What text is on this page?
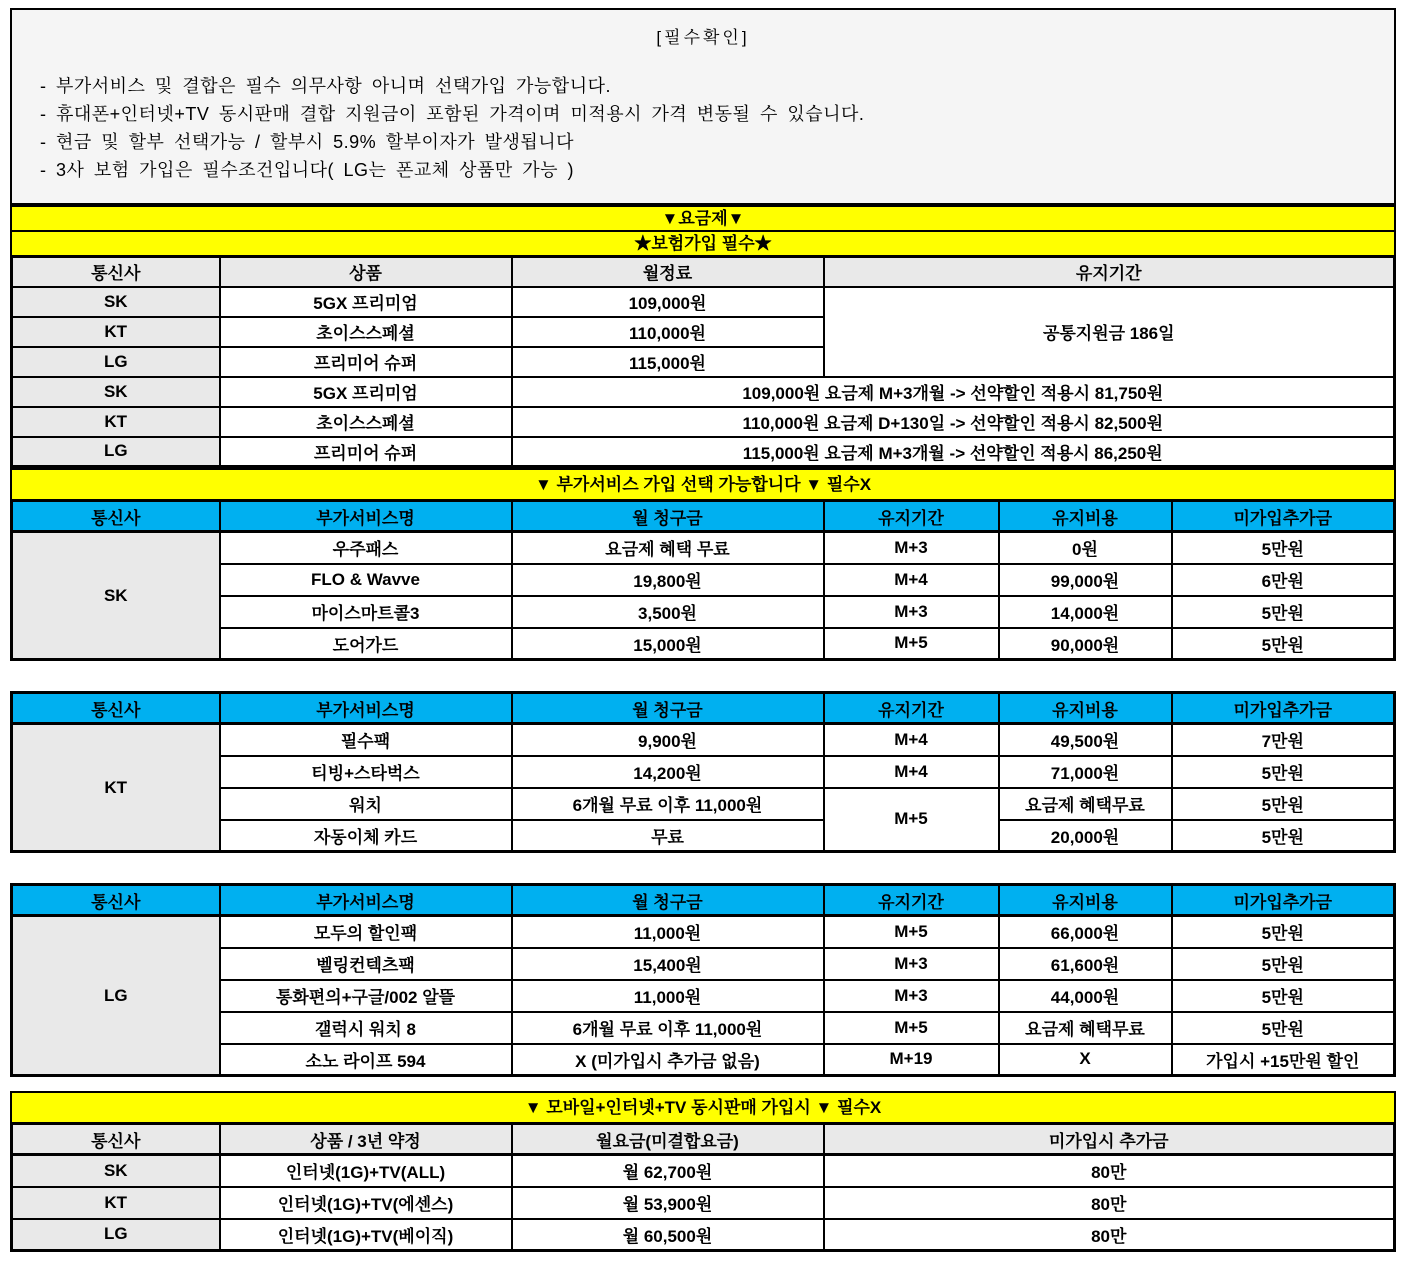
[필수확인]
- 부가서비스 및 결합은 필수 의무사항 아니며 선택가입 가능합니다.
- 휴대폰+인터넷+TV 동시판매 결합 지원금이 포함된 가격이며 미적용시 가격 변동될 수 있습니다.
- 현금 및 할부 선택가능 / 할부시 5.9% 할부이자가 발생됩니다
- 3사 보험 가입은 필수조건입니다( LG는 폰교체 상품만 가능 )
▼요금제▼
★보험가입 필수★
통신사	상품	월정료	유지기간
SK	5GX 프리미엄	109,000원	공통지원금 186일
KT	초이스스페셜	110,000원	
LG	프리미어 슈퍼	115,000원	
SK	5GX 프리미엄	109,000원 요금제 M+3개월 -> 선약할인 적용시 81,750원	
KT	초이스스페셜	110,000원 요금제 D+130일 -> 선약할인 적용시 82,500원	
LG	프리미어 슈퍼	115,000원 요금제 M+3개월 -> 선약할인 적용시 86,250원	
▼ 부가서비스 가입 선택 가능합니다 ▼ 필수X
통신사	부가서비스명	월 청구금	유지기간	유지비용	미가입추가금
SK	우주패스	요금제 혜택 무료	M+3	0원	5만원
	FLO & Wavve	19,800원	M+4	99,000원	6만원
	마이스마트콜3	3,500원	M+3	14,000원	5만원
	도어가드	15,000원	M+5	90,000원	5만원
통신사	부가서비스명	월 청구금	유지기간	유지비용	미가입추가금
KT	필수팩	9,900원	M+4	49,500원	7만원
	티빙+스타벅스	14,200원	M+4	71,000원	5만원
	워치	6개월 무료 이후 11,000원	M+5	요금제 혜택무료	5만원
	자동이체 카드	무료		20,000원	5만원
통신사	부가서비스명	월 청구금	유지기간	유지비용	미가입추가금
LG	모두의 할인팩	11,000원	M+5	66,000원	5만원
	벨링컨텍츠팩	15,400원	M+3	61,600원	5만원
	통화편의+구글/002 알뜰	11,000원	M+3	44,000원	5만원
	갤럭시 워치 8	6개월 무료 이후 11,000원	M+5	요금제 혜택무료	5만원
	소노 라이프 594	X (미가입시 추가금 없음)	M+19	X	가입시 +15만원 할인
▼ 모바일+인터넷+TV 동시판매 가입시 ▼ 필수X
통신사	상품 / 3년 약정	월요금(미결합요금)	미가입시 추가금
SK	인터넷(1G)+TV(ALL)	월 62,700원	80만
KT	인터넷(1G)+TV(에센스)	월 53,900원	80만
LG	인터넷(1G)+TV(베이직)	월 60,500원	80만
